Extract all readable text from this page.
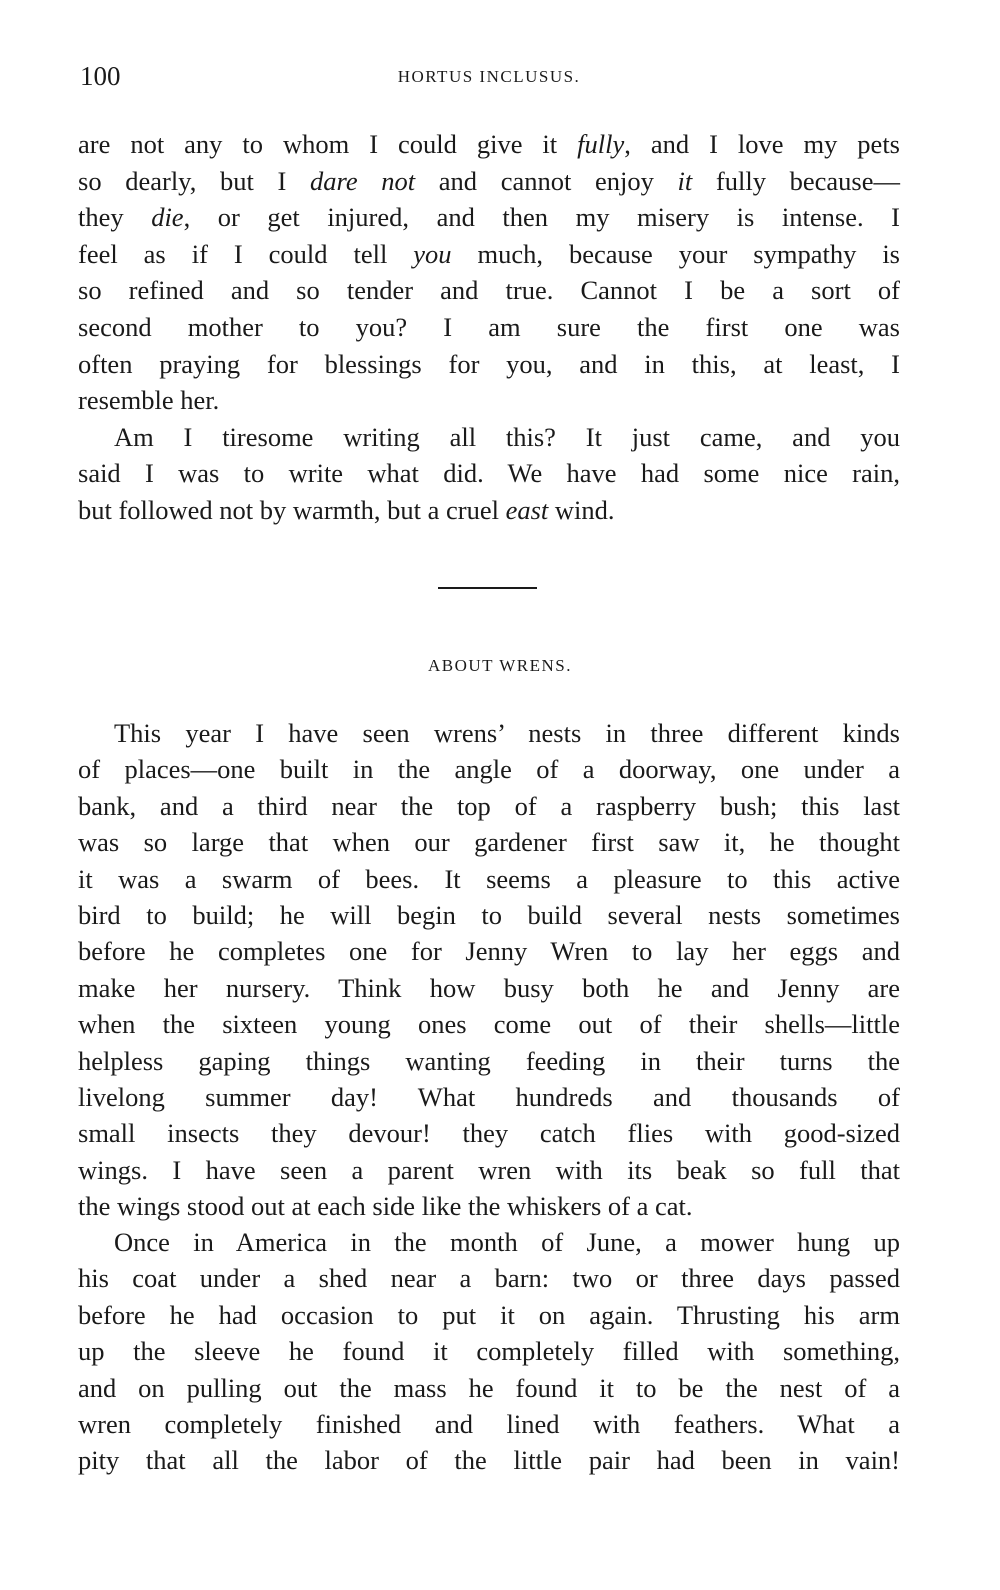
100	HORTUS INCLUSUS.
are not any to whom I could give it fully, and I love my pets
so dearly, but I dare not and cannot enjoy it fully because—
they die, or get injured, and then my misery is intense. I
feel as if I could tell you much, because your sympathy is
so refined and so tender and true. Cannot I be a sort of
second mother to you? I am sure the first one was
often praying for blessings for you, and in this, at least, I
resemble her.
Am I tiresome writing all this? It just came, and you
said I was to write what did. We have had some nice rain,
but followed not by warmth, but a cruel east wind.
ABOUT WRENS.
This year I have seen wrens’ nests in three different kinds
of places—one built in the angle of a doorway, one under a
bank, and a third near the top of a raspberry bush; this last
was so large that when our gardener first saw it, he thought
it was a swarm of bees. It seems a pleasure to this active
bird to build; he will begin to build several nests sometimes
before he completes one for Jenny Wren to lay her eggs and
make her nursery. Think how busy both he and Jenny are
when the sixteen young ones come out of their shells—little
helpless gaping things wanting feeding in their turns the
livelong summer day! What hundreds and thousands of
small insects they devour! they catch flies with good-sized
wings. I have seen a parent wren with its beak so full that
the wings stood out at each side like the whiskers of a cat.
Once in America in the month of June, a mower hung up
his coat under a shed near a barn: two or three days passed
before he had occasion to put it on again. Thrusting his arm
up the sleeve he found it completely filled with something,
and on pulling out the mass he found it to be the nest of a
wren completely finished and lined with feathers. What a
pity that all the labor of the little pair had been in vain!
